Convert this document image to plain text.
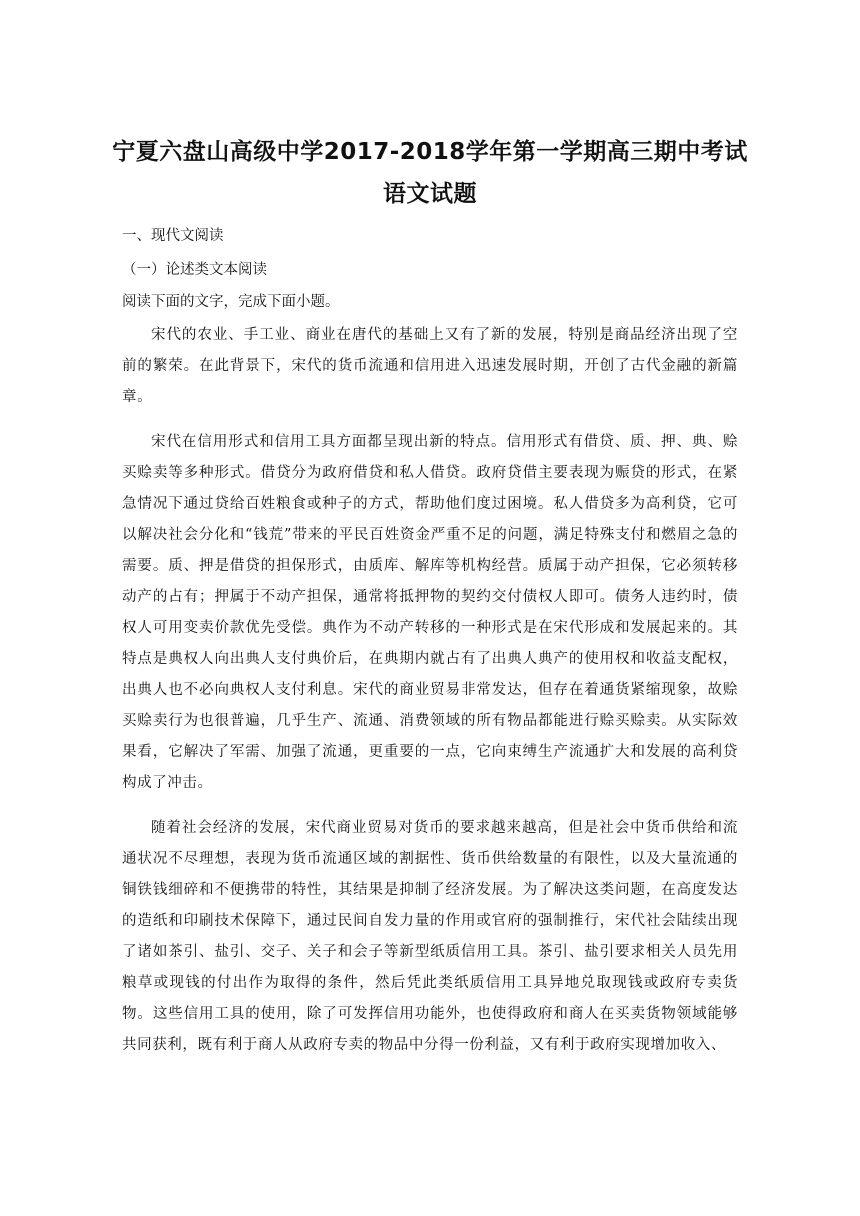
宁夏六盘山高级中学2017-2018学年第一学期高三期中考试
语文试题

一、现代文阅读

（一）论述类文本阅读

阅读下面的文字，完成下面小题。

宋代的农业、手工业、商业在唐代的基础上又有了新的发展，特别是商品经济出现了空前的繁荣。在此背景下，宋代的货币流通和信用进入迅速发展时期，开创了古代金融的新篇章。

宋代在信用形式和信用工具方面都呈现出新的特点。信用形式有借贷、质、押、典、赊买赊卖等多种形式。借贷分为政府借贷和私人借贷。政府贷借主要表现为赈贷的形式，在紧急情况下通过贷给百姓粮食或种子的方式，帮助他们度过困境。私人借贷多为高利贷，它可以解决社会分化和“钱荒”带来的平民百姓资金严重不足的问题，满足特殊支付和燃眉之急的需要。质、押是借贷的担保形式，由质库、解库等机构经营。质属于动产担保，它必须转移动产的占有；押属于不动产担保，通常将抵押物的契约交付债权人即可。债务人违约时，债权人可用变卖价款优先受偿。典作为不动产转移的一种形式是在宋代形成和发展起来的。其特点是典权人向出典人支付典价后，在典期内就占有了出典人典产的使用权和收益支配权，出典人也不必向典权人支付利息。宋代的商业贸易非常发达，但存在着通货紧缩现象，故赊买赊卖行为也很普遍，几乎生产、流通、消费领域的所有物品都能进行赊买赊卖。从实际效果看，它解决了军需、加强了流通，更重要的一点，它向束缚生产流通扩大和发展的高利贷构成了冲击。

随着社会经济的发展，宋代商业贸易对货币的要求越来越高，但是社会中货币供给和流通状况不尽理想，表现为货币流通区域的割据性、货币供给数量的有限性，以及大量流通的铜铁钱细碎和不便携带的特性，其结果是抑制了经济发展。为了解决这类问题，在高度发达的造纸和印刷技术保障下，通过民间自发力量的作用或官府的强制推行，宋代社会陆续出现了诸如茶引、盐引、交子、关子和会子等新型纸质信用工具。茶引、盐引要求相关人员先用粮草或现钱的付出作为取得的条件，然后凭此类纸质信用工具异地兑取现钱或政府专卖货物。这些信用工具的使用，除了可发挥信用功能外，也使得政府和商人在买卖货物领域能够共同获利，既有利于商人从政府专卖的物品中分得一份利益，又有利于政府实现增加收入、
